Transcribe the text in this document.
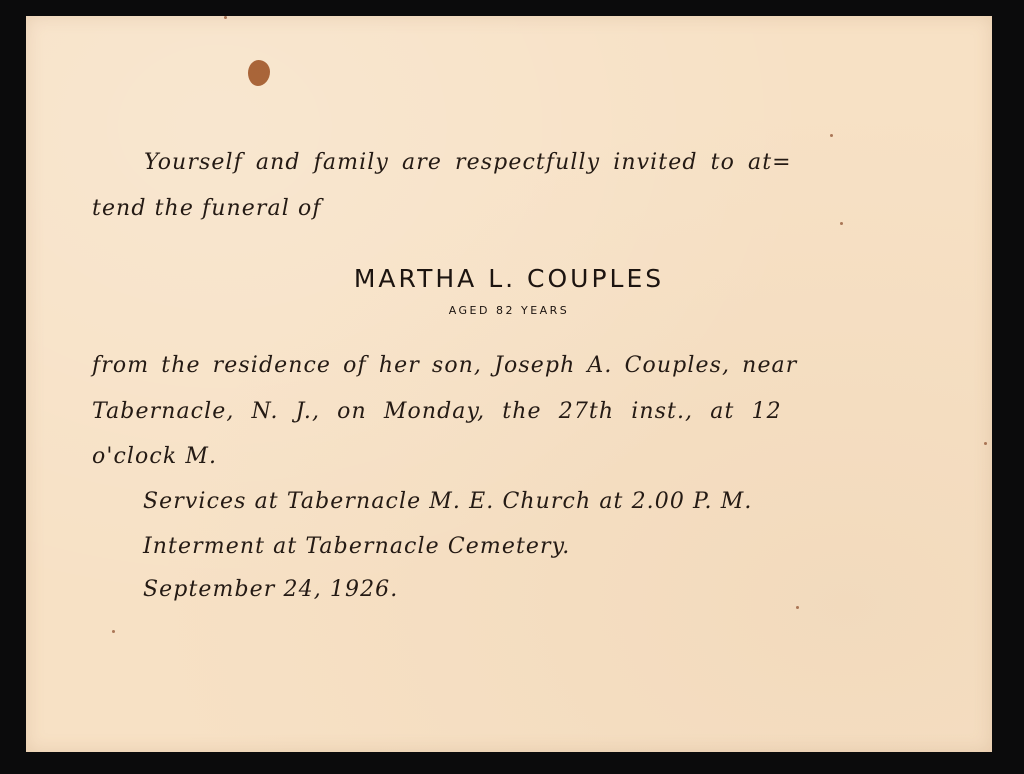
Yourself and family are respectfully invited to at=

tend the funeral of

MARTHA L. COUPLES

AGED 82 YEARS

from the residence of her son, Joseph A. Couples, near

Tabernacle, N. J., on Monday, the 27th inst., at 12

o'clock M.

Services at Tabernacle M. E. Church at 2.00 P. M.

Interment at Tabernacle Cemetery.

September 24, 1926.
